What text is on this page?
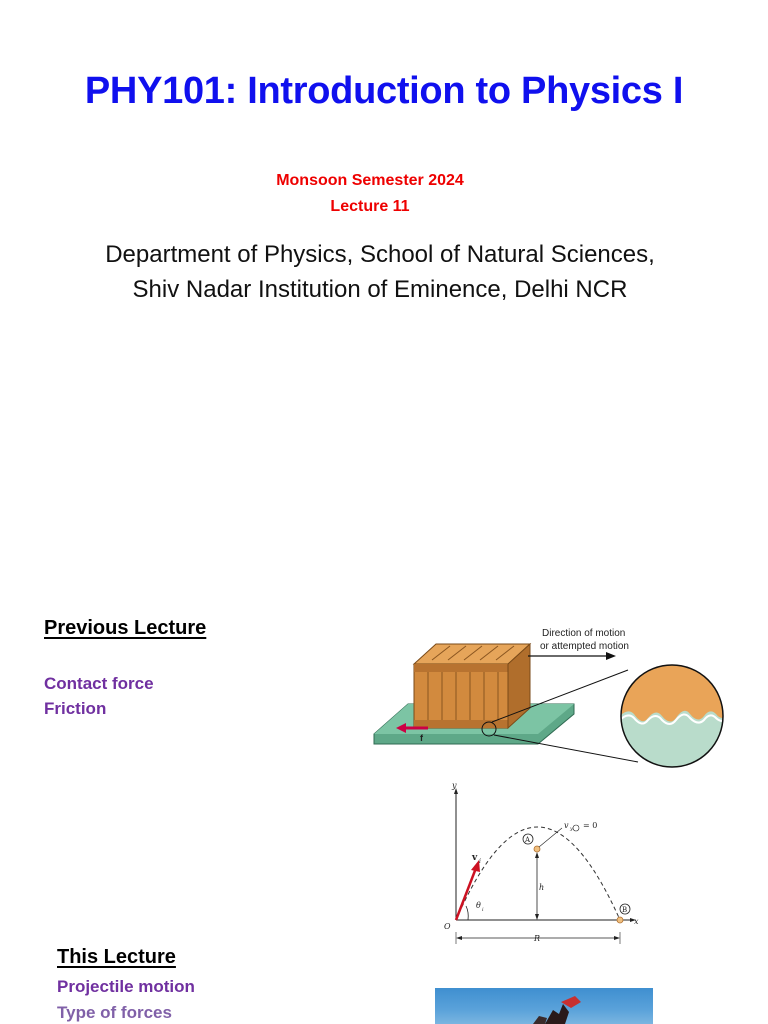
PHY101: Introduction to Physics I
Monsoon Semester 2024
Lecture 11
Department of Physics, School of Natural Sciences,
Shiv Nadar Institution of Eminence, Delhi NCR
Previous Lecture
Contact force
Friction
This Lecture
Projectile motion
Type of forces
f
Direction of motion
or attempted motion
y
x
O
v i
θ i
A
v y = 0
h
B
R
